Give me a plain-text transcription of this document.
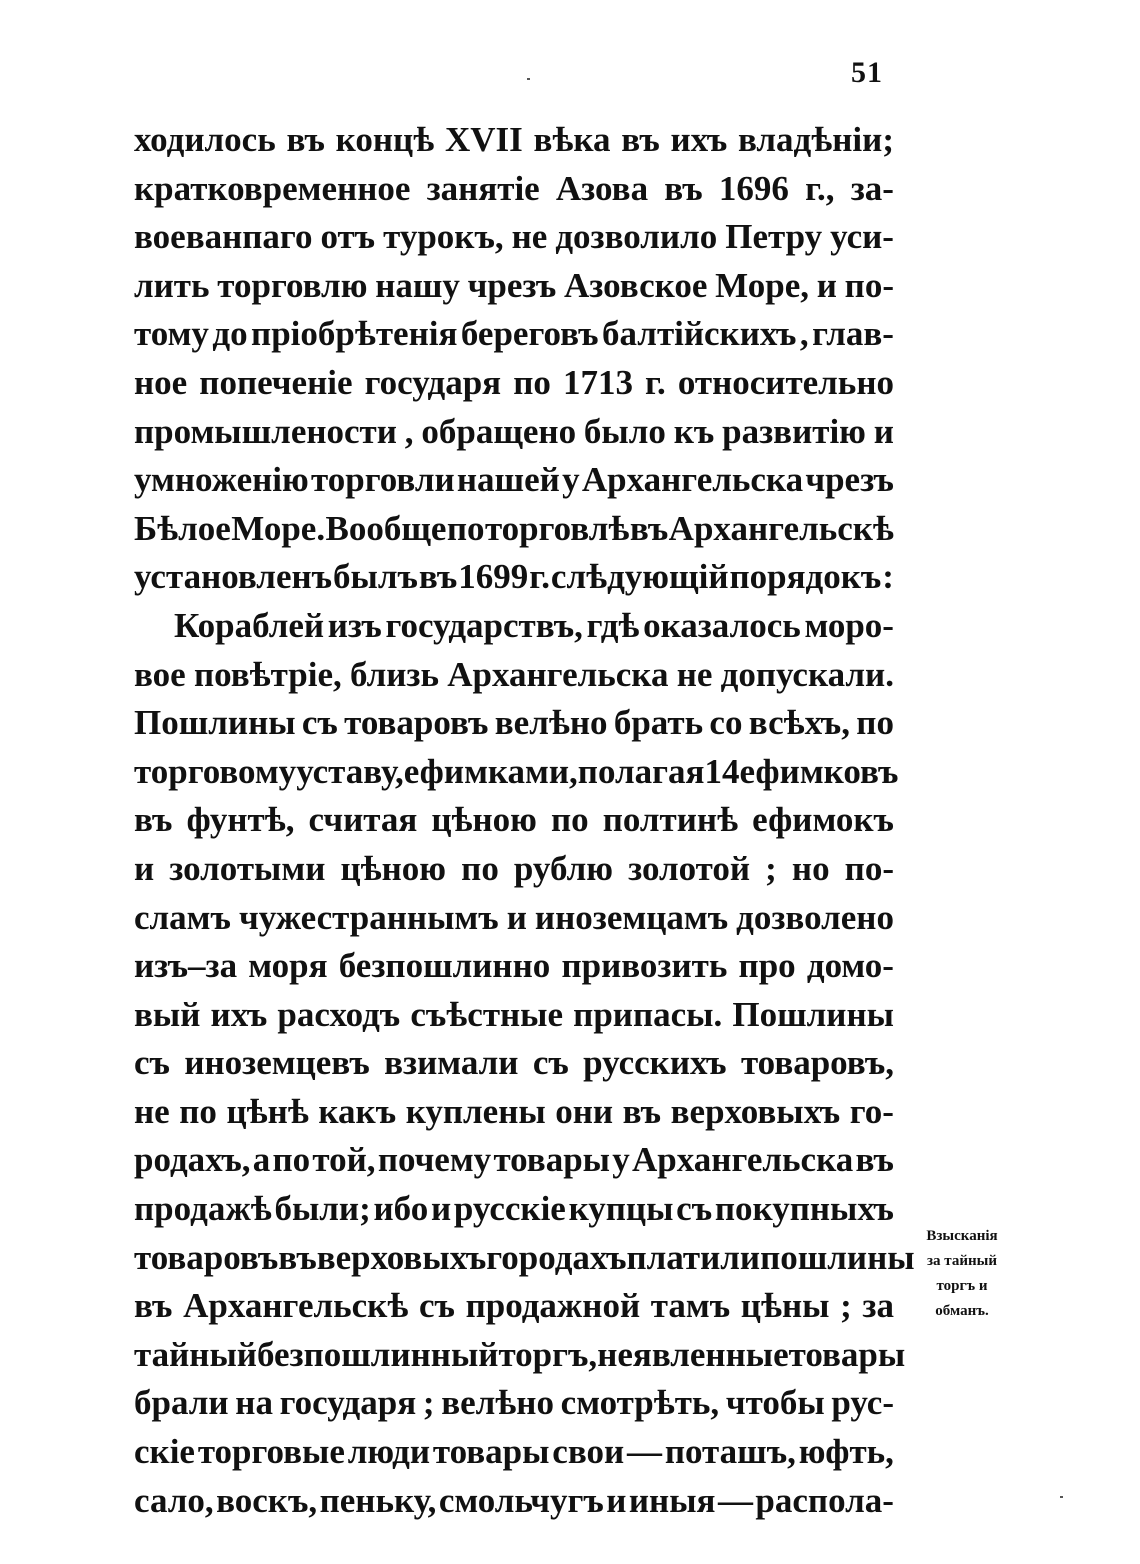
51
ходилось въ концѣ XVII вѣка въ ихъ владѣніи;
кратковременное занятіе Азова въ 1696 г., за-
воеванпаго отъ турокъ, не дозволило Петру уси-
лить торговлю нашу чрезъ Азовское Море, и по-
тому до пріобрѣтенія береговъ балтійскихъ , глав-
ное попеченіе государя по 1713 г. относительно
промышлености , обращено было къ развитію и
умноженію торговли нашей у Архангельска чрезъ
Бѣлое Море. Вообще по торговлѣ въ Архангельскѣ
установленъ былъ въ 1699 г. слѣдующій порядокъ :
Кораблей изъ государствъ, гдѣ оказалось моро-
вое повѣтріе, близь Архангельска не допускали.
Пошлины съ товаровъ велѣно брать со всѣхъ, по
торговому уставу, ефимками, полагая 14 ефимковъ
въ фунтѣ, считая цѣною по полтинѣ ефимокъ
и золотыми цѣною по рублю золотой ; но по-
сламъ чужестраннымъ и иноземцамъ дозволено
изъ–за моря безпошлинно привозить про домо-
вый ихъ расходъ съѣстные припасы. Пошлины
съ иноземцевъ взимали съ русскихъ товаровъ,
не по цѣнѣ какъ куплены они въ верховыхъ го-
родахъ, а по той, почему товары у Архангельска въ
продажѣ были; ибо и русскіе купцы съ покупныхъ
товаровъ въ верховыхъ городахъ платили пошлины
въ Архангельскѣ съ продажной тамъ цѣны ; за
тайный безпошлинный торгъ, неявленные товары
брали на государя ; велѣно смотрѣть, чтобы рус-
скіе торговые люди товары свои — поташъ, юфть,
сало, воскъ, пеньку, смольчугъ и иныя — распола-
Взысканія
за тайный
торгъ и
обманъ.
